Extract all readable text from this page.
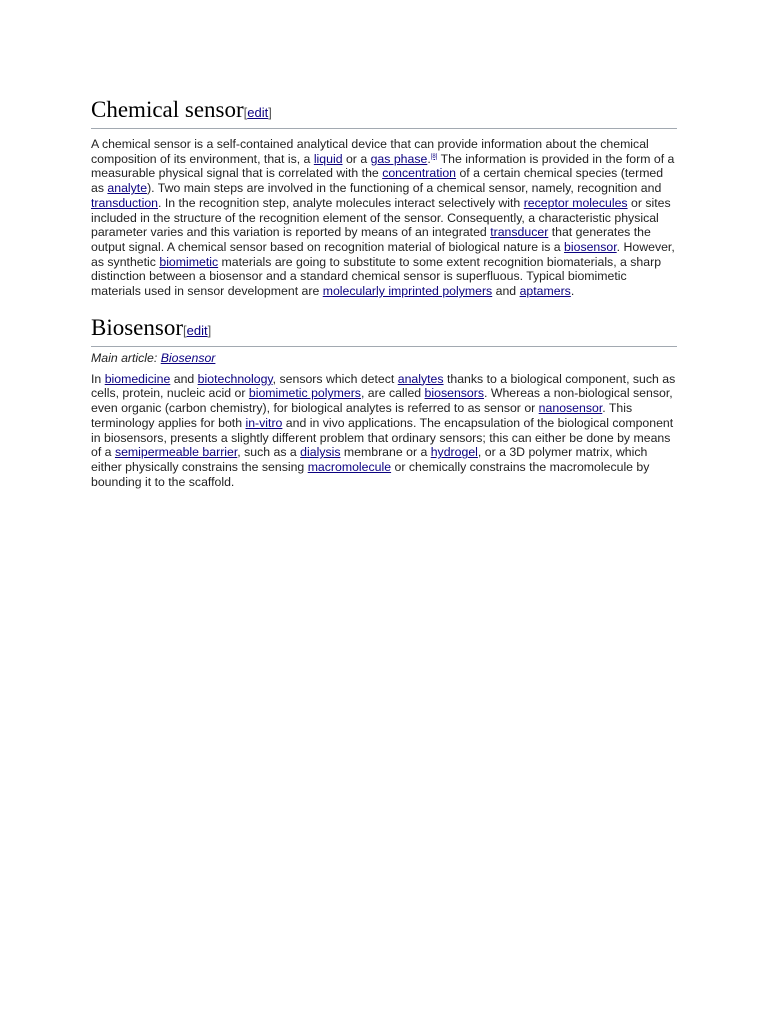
Chemical sensor[edit]

A chemical sensor is a self-contained analytical device that can provide information about the chemical composition of its environment, that is, a liquid or a gas phase.[8] The information is provided in the form of a measurable physical signal that is correlated with the concentration of a certain chemical species (termed as analyte). Two main steps are involved in the functioning of a chemical sensor, namely, recognition and transduction. In the recognition step, analyte molecules interact selectively with receptor molecules or sites included in the structure of the recognition element of the sensor. Consequently, a characteristic physical parameter varies and this variation is reported by means of an integrated transducer that generates the output signal. A chemical sensor based on recognition material of biological nature is a biosensor. However, as synthetic biomimetic materials are going to substitute to some extent recognition biomaterials, a sharp distinction between a biosensor and a standard chemical sensor is superfluous. Typical biomimetic materials used in sensor development are molecularly imprinted polymers and aptamers.

Biosensor[edit]
Main article: Biosensor

In biomedicine and biotechnology, sensors which detect analytes thanks to a biological component, such as cells, protein, nucleic acid or biomimetic polymers, are called biosensors. Whereas a non-biological sensor, even organic (carbon chemistry), for biological analytes is referred to as sensor or nanosensor. This terminology applies for both in-vitro and in vivo applications. The encapsulation of the biological component in biosensors, presents a slightly different problem that ordinary sensors; this can either be done by means of a semipermeable barrier, such as a dialysis membrane or a hydrogel, or a 3D polymer matrix, which either physically constrains the sensing macromolecule or chemically constrains the macromolecule by bounding it to the scaffold.
